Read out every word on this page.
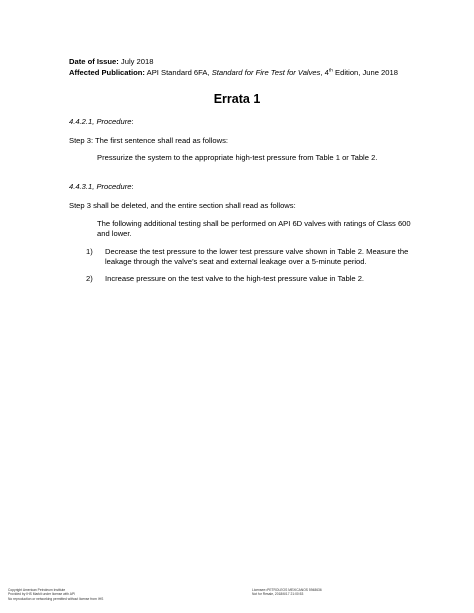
Date of Issue: July 2018
Affected Publication: API Standard 6FA, Standard for Fire Test for Valves, 4th Edition, June 2018
Errata 1
4.4.2.1, Procedure:
Step 3: The first sentence shall read as follows:
Pressurize the system to the appropriate high-test pressure from Table 1 or Table 2.
4.4.3.1, Procedure:
Step 3 shall be deleted, and the entire section shall read as follows:
The following additional testing shall be performed on API 6D valves with ratings of Class 600 and lower.
1) Decrease the test pressure to the lower test pressure valve shown in Table 2. Measure the leakage through the valve’s seat and external leakage over a 5-minute period.
2) Increase pressure on the test valve to the high-test pressure value in Table 2.
Copyright American Petroleum Institute
Provided by IHS Markit under license with API
No reproduction or networking permitted without license from IHS
Licensee=PETROLEOS MEXICANOS 5948636
Not for Resale, 2018/6/17 21:00:53
